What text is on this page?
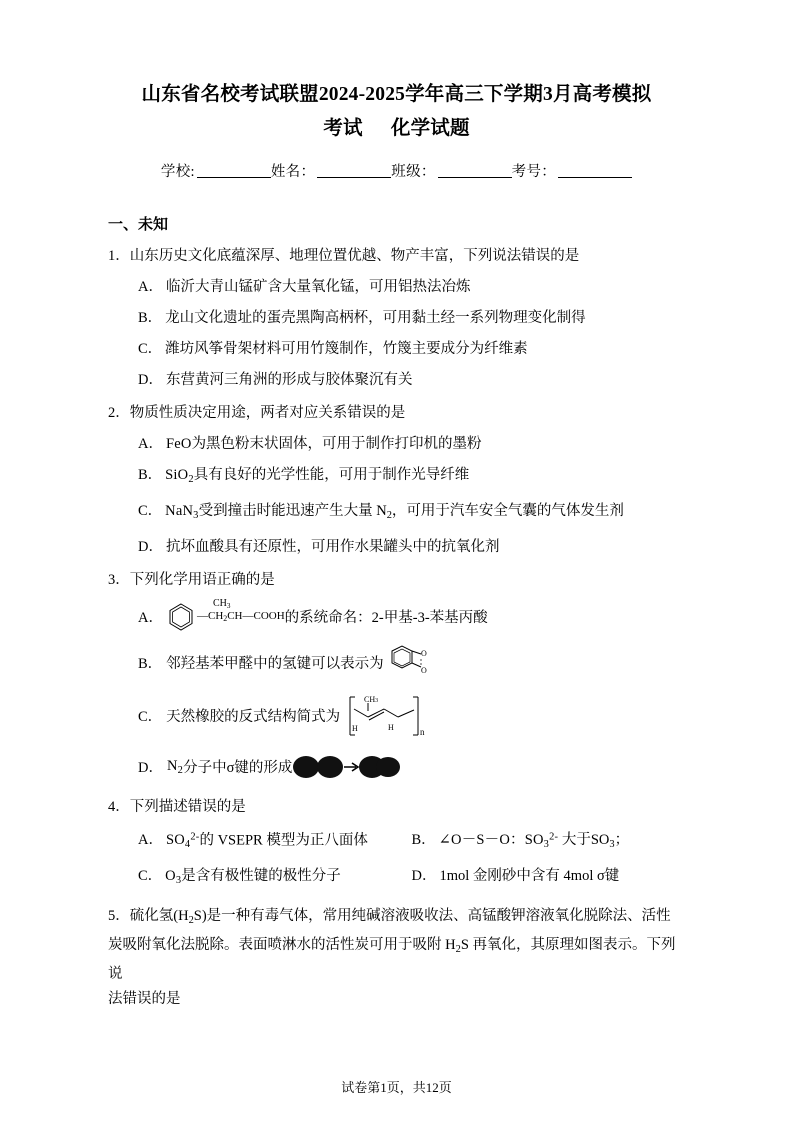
山东省名校考试联盟2024-2025学年高三下学期3月高考模拟
考试 化学试题
学校:	姓名：	班级：	考号：
一、未知
1．山东历史文化底蕴深厚、地理位置优越、物产丰富，下列说法错误的是
A． 临沂大青山锰矿含大量氧化锰，可用铝热法冶炼
B． 龙山文化遗址的蛋壳黑陶高柄杯，可用黏土经一系列物理变化制得
C． 潍坊风筝骨架材料可用竹篾制作，竹篾主要成分为纤维素
D． 东营黄河三角洲的形成与胶体聚沉有关
2．物质性质决定用途，两者对应关系错误的是
A． FeO为黑色粉末状固体，可用于制作打印机的墨粉
B． SiO$_2$具有良好的光学性能，可用于制作光导纤维
C． NaN$_3$受到撞击时能迅速产生大量 $N_2$，可用于汽车安全气囊的气体发生剂
D． 抗坏血酸具有还原性，可用作水果罐头中的抗氧化剂
3．下列化学用语正确的是
A．
$CH_3$
$—CH_2CH—COOH$ 的系统命名：2-甲基-3-苯基丙酸
B． 邻羟基苯甲醛中的氢键可以表示为
O
O
C． 天然橡胶的反式结构简式为
n
CH3
H	H
D． $N_2$ 分子中σ键的形成
4．下列描述错误的是
A． $SO_4^{2-}$的 VSEPR 模型为正八面体	B． ∠O－S－O：$SO_3^{2-}$ 大于$SO_3$；
C． $O_3$是含有极性键的极性分子	D． 1mol 金刚砂中含有 4mol σ键

5．硫化氢$(H_2S)$是一种有毒气体，常用纯碱溶液吸收法、高锰酸钾溶液氧化脱除法、活性

炭吸附氧化法脱除。表面喷淋水的活性炭可用于吸附 $H_2S$ 再氧化，其原理如图表示。下列说

法错误的是

试卷第1页，共12页
